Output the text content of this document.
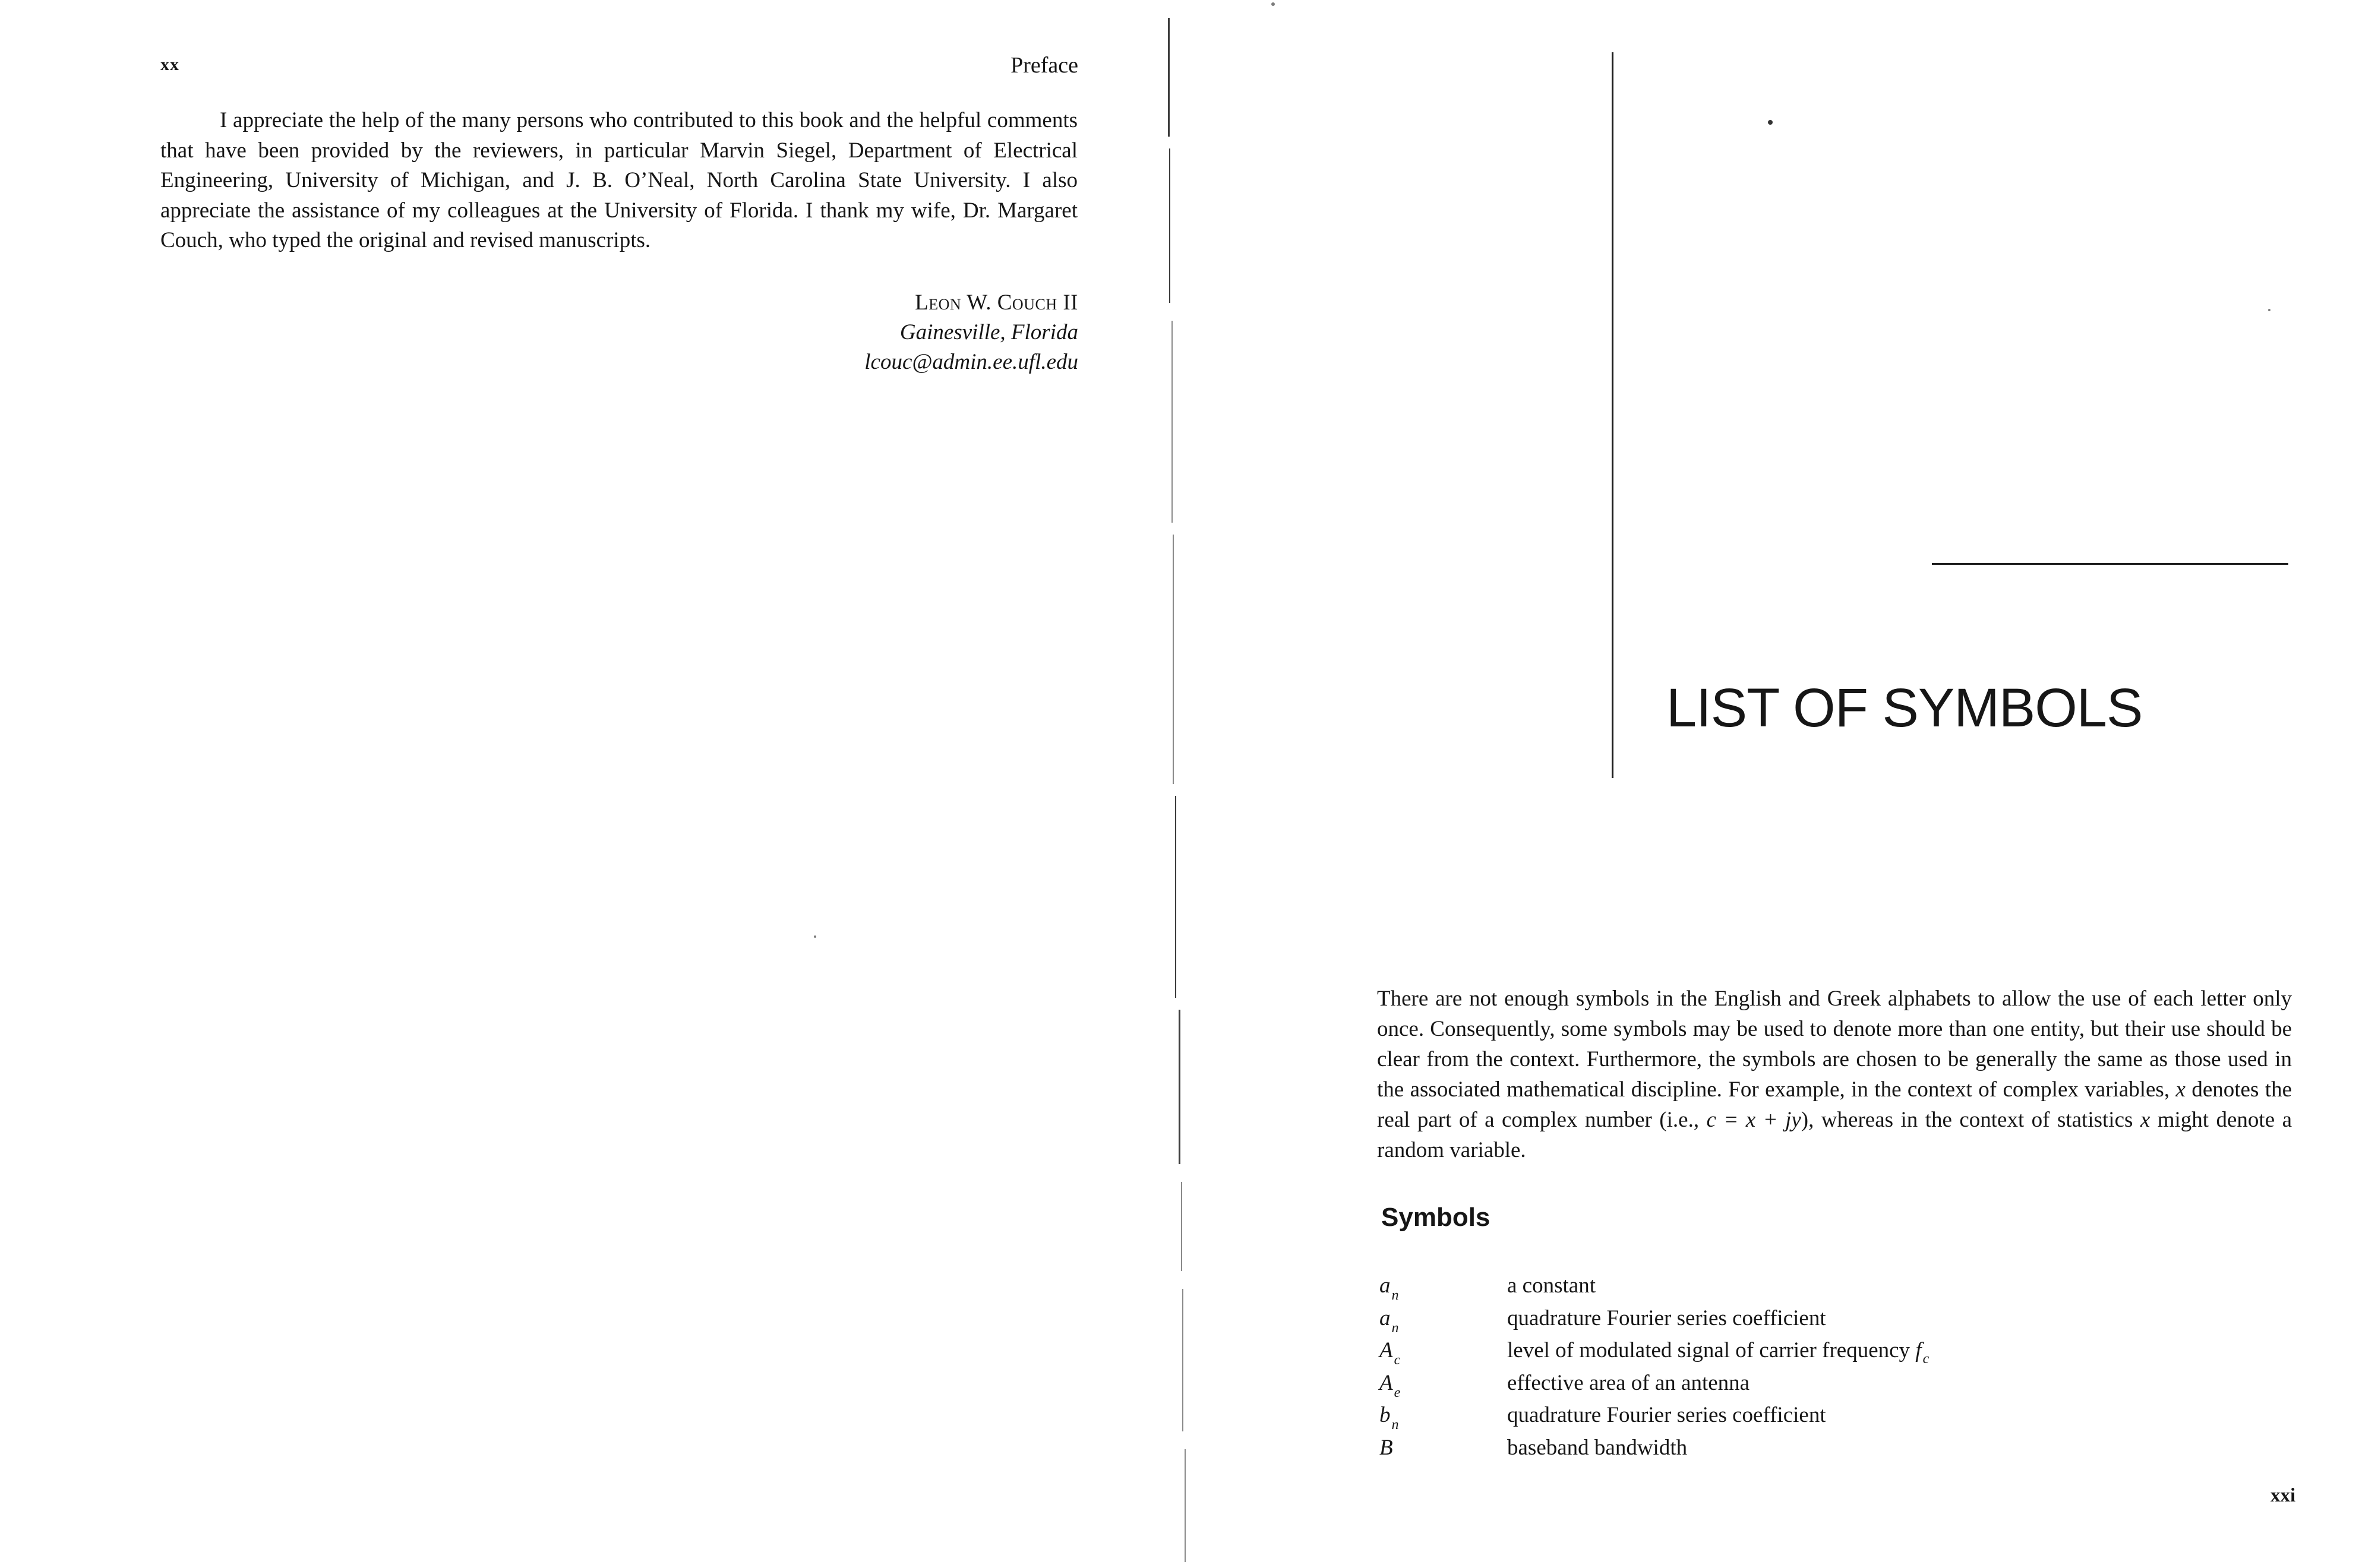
xx	Preface

I appreciate the help of the many persons who contributed to this book and the helpful comments that have been provided by the reviewers, in particular Marvin Siegel, Department of Electrical Engineering, University of Michigan, and J. B. O’Neal, North Carolina State University. I also appreciate the assistance of my colleagues at the University of Florida. I thank my wife, Dr. Margaret Couch, who typed the original and revised manuscripts.

Leon W. Couch II
Gainesville, Florida
lcouc@admin.ee.ufl.edu
LIST OF SYMBOLS

There are not enough symbols in the English and Greek alphabets to allow the use of each letter only once. Consequently, some symbols may be used to denote more than one entity, but their use should be clear from the context. Furthermore, the symbols are chosen to be generally the same as those used in the associated mathematical discipline. For example, in the context of complex variables, x denotes the real part of a complex number (i.e., c = x + jy), whereas in the context of statistics x might denote a random variable.

Symbols
$a_n$	a constant
$a_n$	quadrature Fourier series coefficient
$A_c$	level of modulated signal of carrier frequency $f_c$
$A_e$	effective area of an antenna
$b_n$	quadrature Fourier series coefficient
B	baseband bandwidth
xxi
